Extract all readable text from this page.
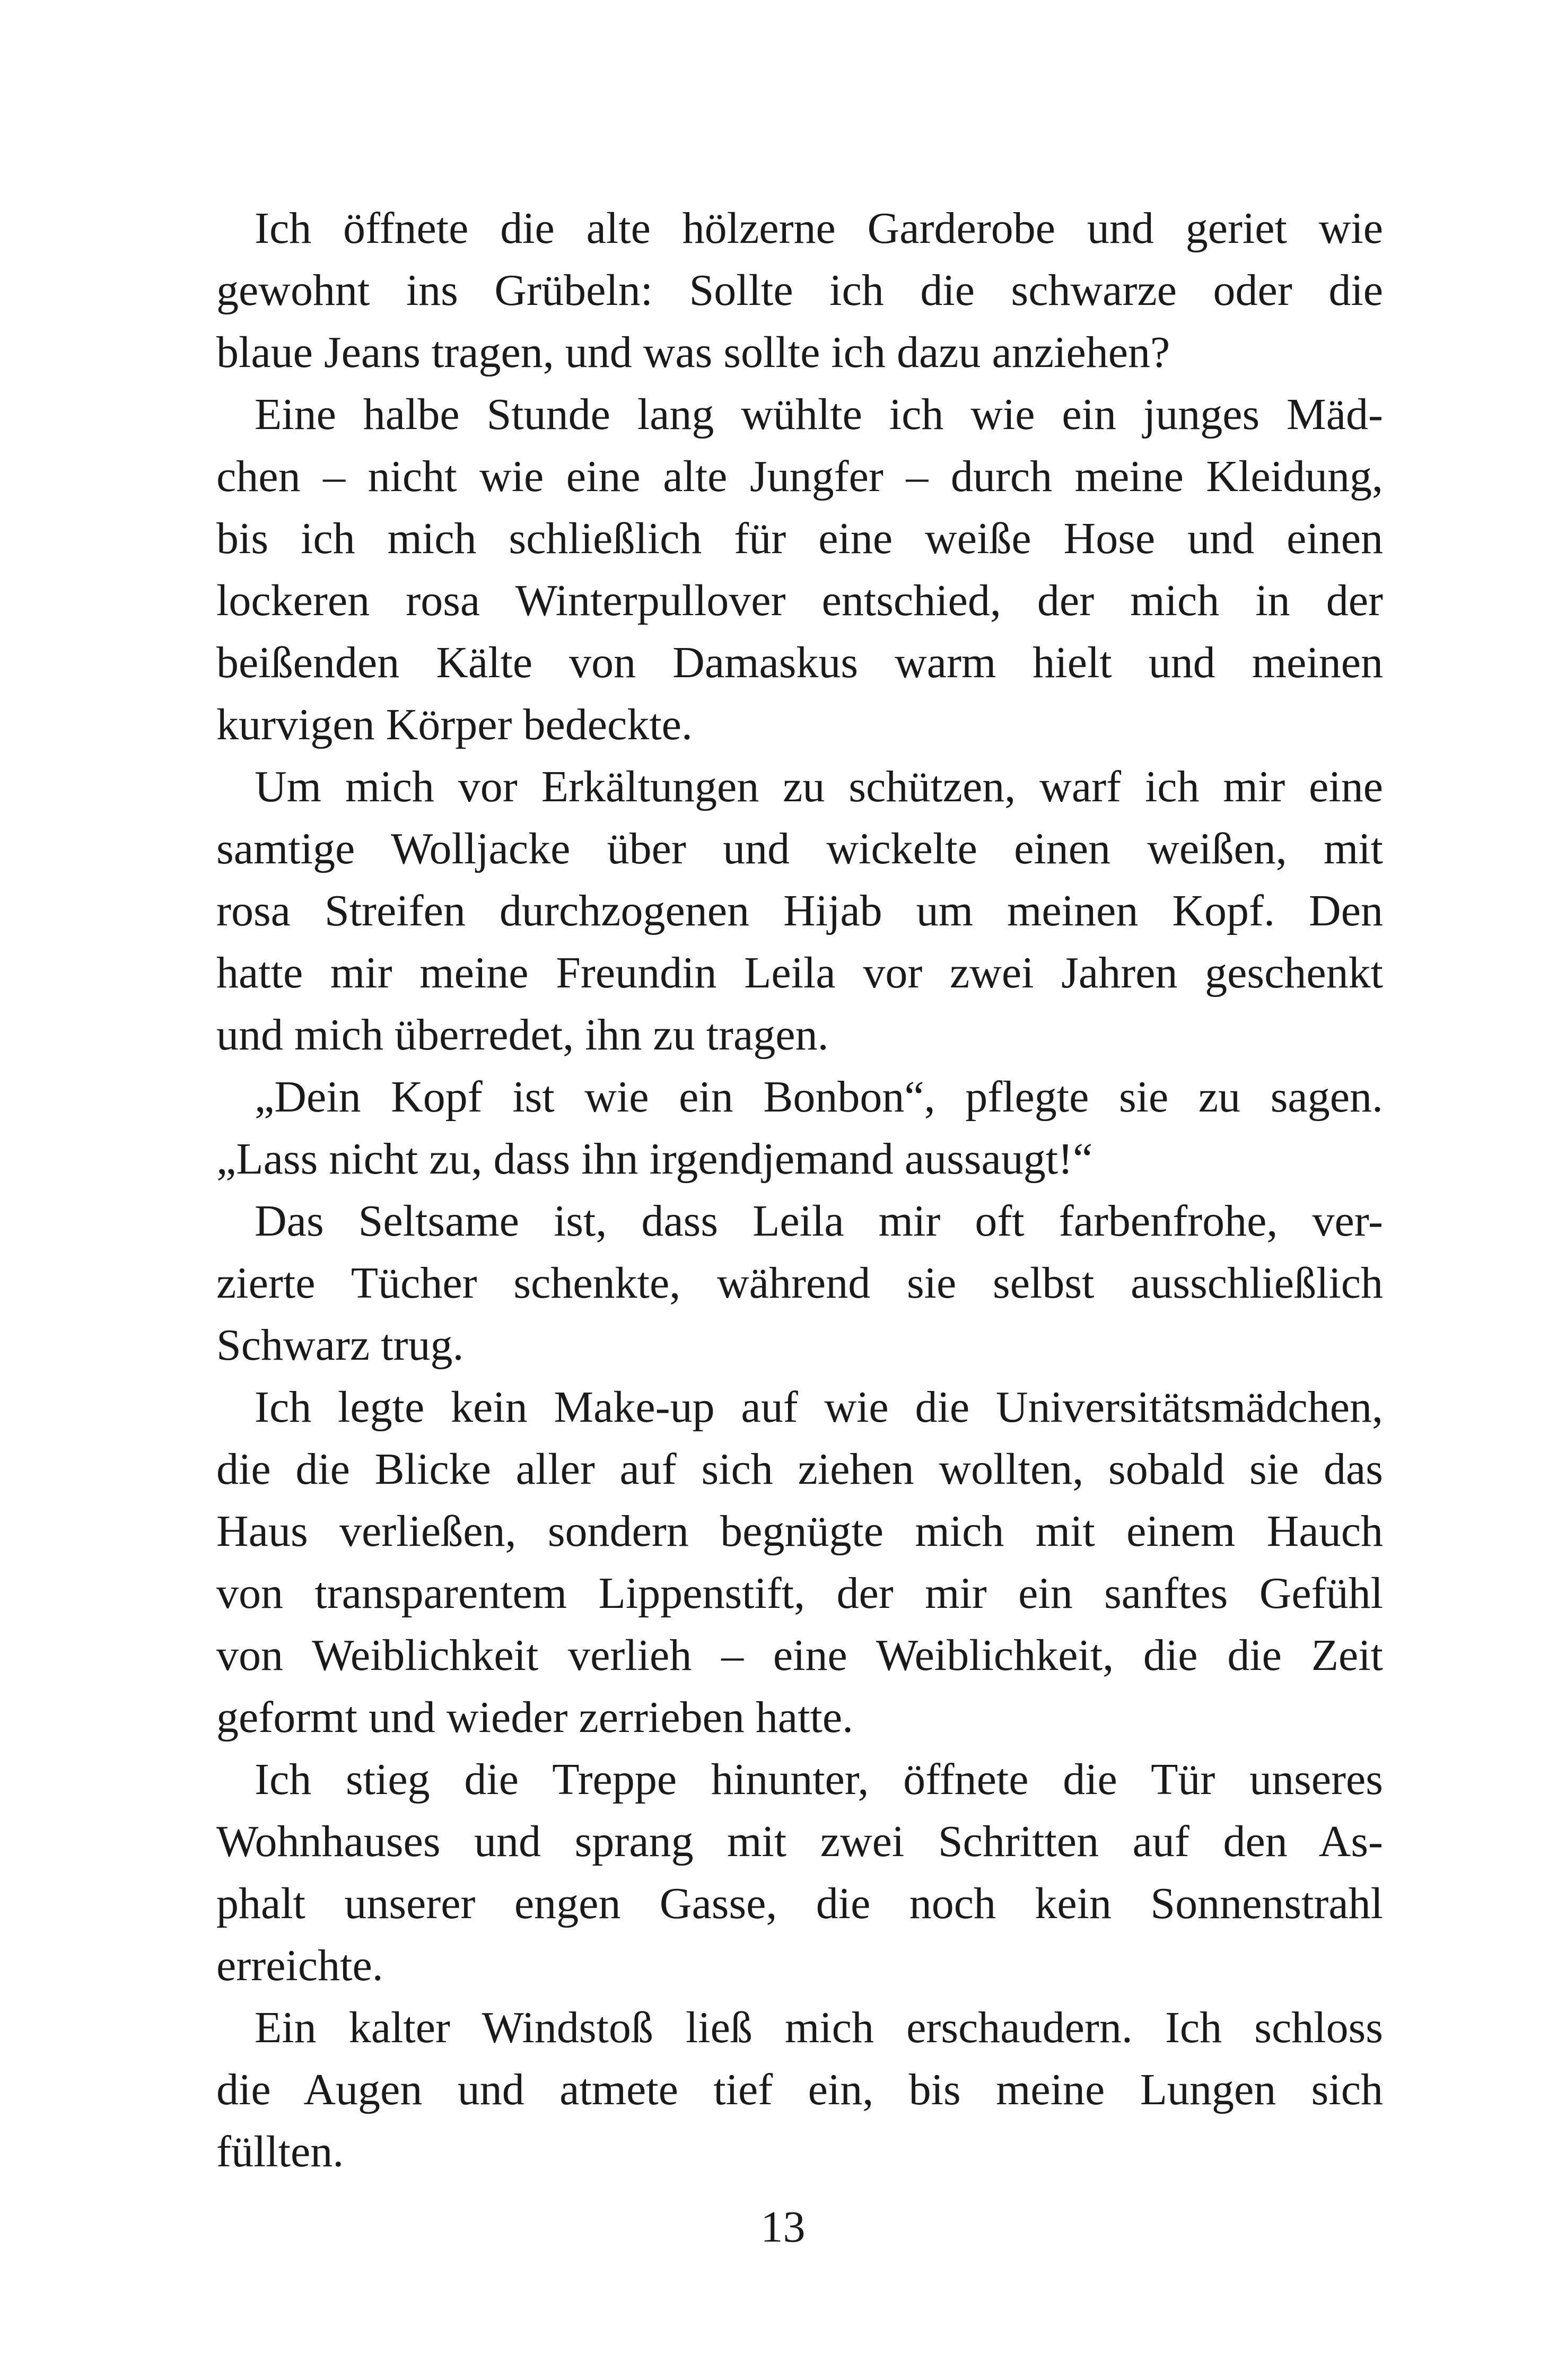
Ich öffnete die alte hölzerne Garderobe und geriet wie
gewohnt ins Grübeln: Sollte ich die schwarze oder die
blaue Jeans tragen, und was sollte ich dazu anziehen?
Eine halbe Stunde lang wühlte ich wie ein junges Mäd-
chen – nicht wie eine alte Jungfer – durch meine Kleidung,
bis ich mich schließlich für eine weiße Hose und einen
lockeren rosa Winterpullover entschied, der mich in der
beißenden Kälte von Damaskus warm hielt und meinen
kurvigen Körper bedeckte.
Um mich vor Erkältungen zu schützen, warf ich mir eine
samtige Wolljacke über und wickelte einen weißen, mit
rosa Streifen durchzogenen Hijab um meinen Kopf. Den
hatte mir meine Freundin Leila vor zwei Jahren geschenkt
und mich überredet, ihn zu tragen.
„Dein Kopf ist wie ein Bonbon“, pflegte sie zu sagen.
„Lass nicht zu, dass ihn irgendjemand aussaugt!“
Das Seltsame ist, dass Leila mir oft farbenfrohe, ver-
zierte Tücher schenkte, während sie selbst ausschließlich
Schwarz trug.
Ich legte kein Make-up auf wie die Universitätsmädchen,
die die Blicke aller auf sich ziehen wollten, sobald sie das
Haus verließen, sondern begnügte mich mit einem Hauch
von transparentem Lippenstift, der mir ein sanftes Gefühl
von Weiblichkeit verlieh – eine Weiblichkeit, die die Zeit
geformt und wieder zerrieben hatte.
Ich stieg die Treppe hinunter, öffnete die Tür unseres
Wohnhauses und sprang mit zwei Schritten auf den As-
phalt unserer engen Gasse, die noch kein Sonnenstrahl
erreichte.
Ein kalter Windstoß ließ mich erschaudern. Ich schloss
die Augen und atmete tief ein, bis meine Lungen sich
füllten.
13
